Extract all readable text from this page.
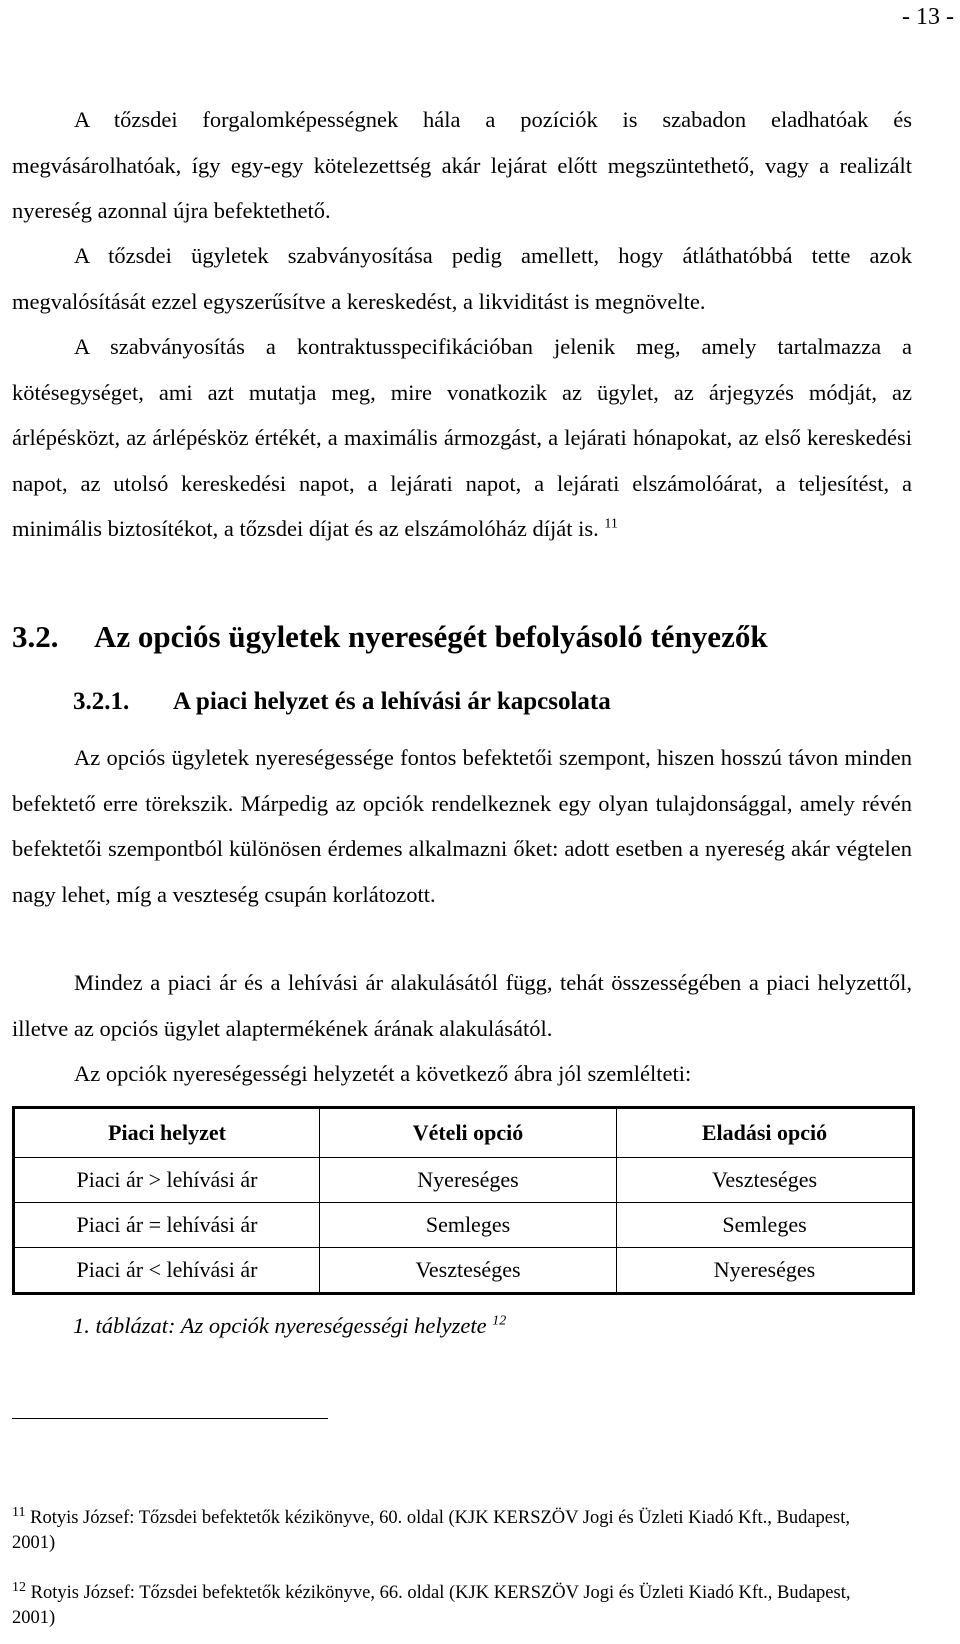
- 13 -

A tőzsdei forgalomképességnek hála a pozíciók is szabadon eladhatóak és megvásárolhatóak, így egy-egy kötelezettség akár lejárat előtt megszüntethető, vagy a realizált nyereség azonnal újra befektethető.

A tőzsdei ügyletek szabványosítása pedig amellett, hogy átláthatóbbá tette azok megvalósítását ezzel egyszerűsítve a kereskedést, a likviditást is megnövelte.

A szabványosítás a kontraktusspecifikációban jelenik meg, amely tartalmazza a kötésegységet, ami azt mutatja meg, mire vonatkozik az ügylet, az árjegyzés módját, az árlépésközt, az árlépésköz értékét, a maximális ármozgást, a lejárati hónapokat, az első kereskedési napot, az utolsó kereskedési napot, a lejárati napot, a lejárati elszámolóárat, a teljesítést, a minimális biztosítékot, a tőzsdei díjat és az elszámolóház díját is. $^{11}$

3.2. Az opciós ügyletek nyereségét befolyásoló tényezők
3.2.1. A piaci helyzet és a lehívási ár kapcsolata

Az opciós ügyletek nyereségessége fontos befektetői szempont, hiszen hosszú távon minden befektető erre törekszik. Márpedig az opciók rendelkeznek egy olyan tulajdonsággal, amely révén befektetői szempontból különösen érdemes alkalmazni őket: adott esetben a nyereség akár végtelen nagy lehet, míg a veszteség csupán korlátozott.

Mindez a piaci ár és a lehívási ár alakulásától függ, tehát összességében a piaci helyzettől, illetve az opciós ügylet alaptermékének árának alakulásától.

Az opciók nyereségességi helyzetét a következő ábra jól szemlélteti:

Piaci helyzet	Vételi opció	Eladási opció
Piaci ár > lehívási ár	Nyereséges	Veszteséges
Piaci ár = lehívási ár	Semleges	Semleges
Piaci ár < lehívási ár	Veszteséges	Nyereséges

1. táblázat: Az opciók nyereségességi helyzete $^{12}$

$^{11}$ Rotyis József: Tőzsdei befektetők kézikönyve, 60. oldal (KJK KERSZÖV Jogi és Üzleti Kiadó Kft., Budapest, 2001)

$^{12}$ Rotyis József: Tőzsdei befektetők kézikönyve, 66. oldal (KJK KERSZÖV Jogi és Üzleti Kiadó Kft., Budapest, 2001)
